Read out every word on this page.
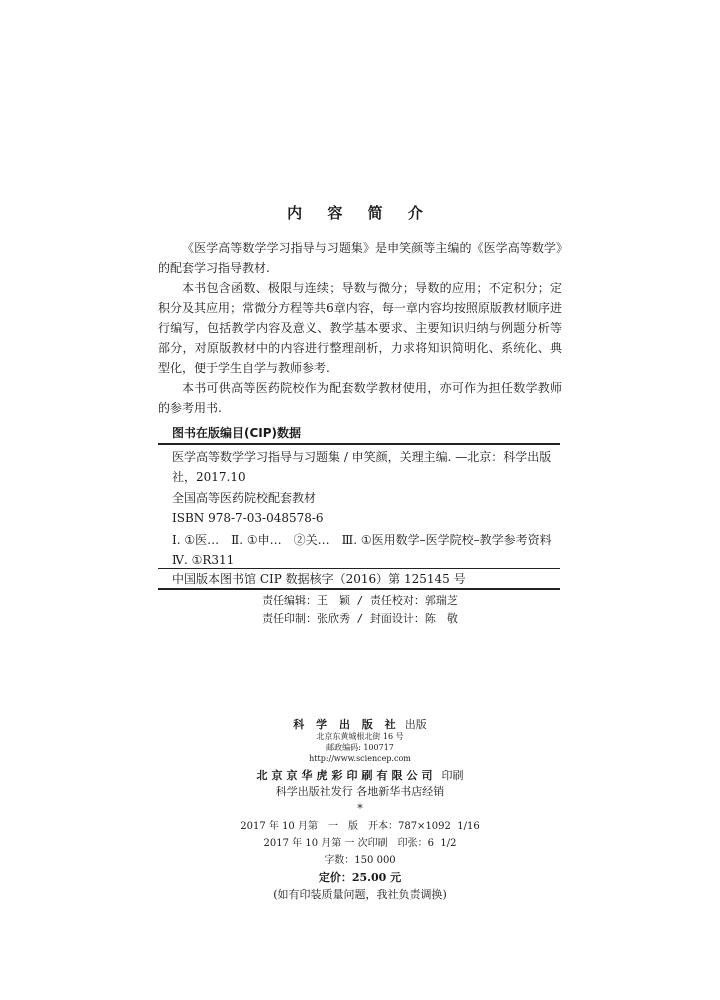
内 容 简 介

《医学高等数学学习指导与习题集》是申笑颜等主编的《医学高等数学》的配套学习指导教材.

本书包含函数、极限与连续；导数与微分；导数的应用；不定积分；定积分及其应用；常微分方程等共6章内容，每一章内容均按照原版教材顺序进行编写，包括教学内容及意义、教学基本要求、主要知识归纳与例题分析等部分，对原版教材中的内容进行整理剖析，力求将知识简明化、系统化、典型化，便于学生自学与教师参考.

本书可供高等医药院校作为配套数学教材使用，亦可作为担任数学教师的参考用书.

图书在版编目(CIP)数据

医学高等数学学习指导与习题集 / 申笑颜，关理主编. —北京：科学出版社，2017.10

全国高等医药院校配套教材

ISBN 978-7-03-048578-6

Ⅰ. ①医…　Ⅱ. ①申…　②关…　Ⅲ. ①医用数学–医学院校–教学参考资料　Ⅳ. ①R311

中国版本图书馆 CIP 数据核字（2016）第 125145 号
责任编辑：王　颖 / 责任校对：郭瑞芝
责任印制：张欣秀 / 封面设计：陈　敬
科 学 出 版 社 出版
北京东黄城根北街 16 号
邮政编码: 100717
http://www.sciencep.com
北京京华虎彩印刷有限公司 印刷
科学出版社发行 各地新华书店经销
*
2017 年 10 月第　一　版　开本：787×1092  1/16
2017 年 10 月第 一 次印刷　印张：6  1/2
字数：150 000
定价：25.00 元
(如有印装质量问题，我社负责调换)
